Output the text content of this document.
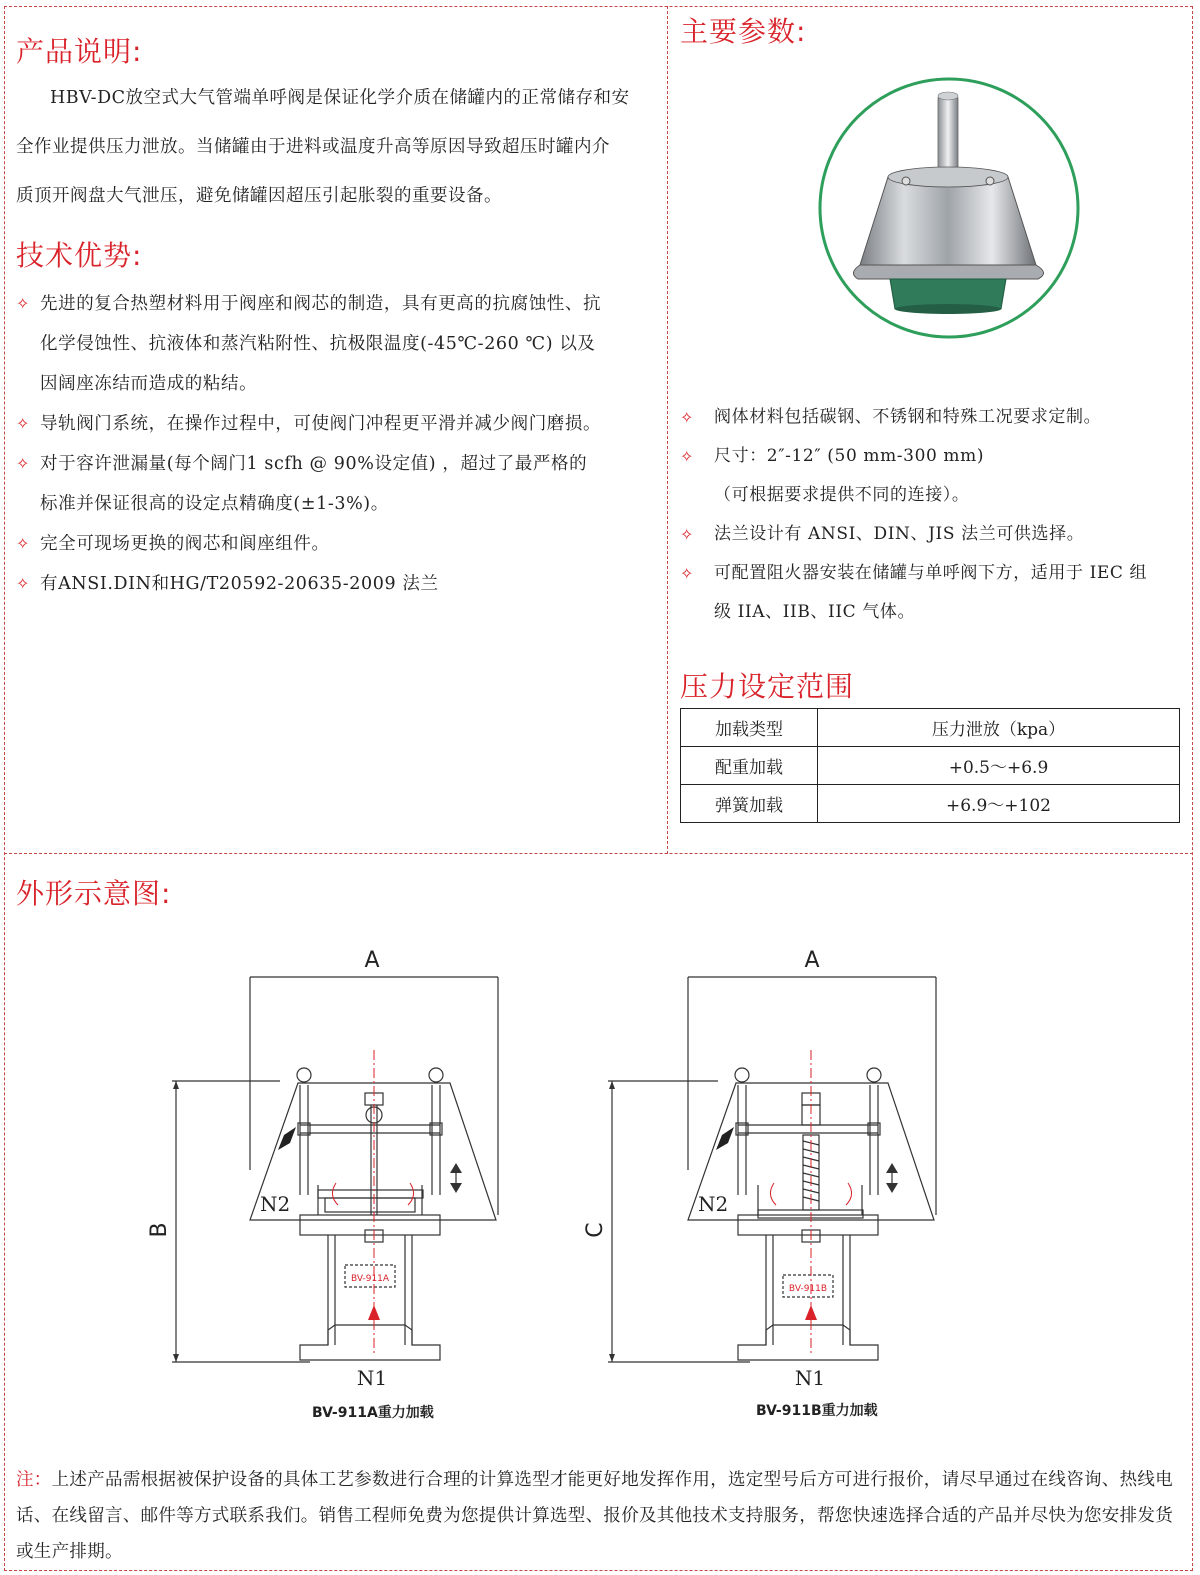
产品说明:
HBV-DC放空式大气管端单呼阀是保证化学介质在储罐内的正常储存和安
全作业提供压力泄放。当储罐由于进料或温度升高等原因导致超压时罐内介
质顶开阀盘大气泄压，避免储罐因超压引起胀裂的重要设备。
技术优势:
✧ 先进的复合热塑材料用于阀座和阀芯的制造，具有更高的抗腐蚀性、抗
化学侵蚀性、抗液体和蒸汽粘附性、抗极限温度(-45℃-260 ℃) 以及
因阔座冻结而造成的粘结。
✧ 导轨阀门系统，在操作过程中，可使阀门冲程更平滑并减少阀门磨损。
✧ 对于容许泄漏量(每个阔门1 scfh @ 90%设定值) ，超过了最严格的
标准并保证很高的设定点精确度(±1-3%)。
✧ 完全可现场更换的阀芯和阆座组件。
✧ 有ANSI.DIN和HG/T20592-20635-2009 法兰
主要参数:
✧ 阀体材料包括碳钢、不锈钢和特殊工况要求定制。
✧ 尺寸：2″-12″ (50 mm-300 mm)
（可根据要求提供不同的连接）。
✧ 法兰设计有 ANSI、DIN、JIS 法兰可供选择。
✧ 可配置阻火器安装在储罐与单呼阀下方，适用于 IEC 组
级 IIA、IIB、IIC 气体。
压力设定范围
加载类型	压力泄放（kpa）
配重加载	+0.5～+6.9
弹簧加载	+6.9～+102
外形示意图:
A
B
N2
N1
BV-911A
BV-911A重力加载
A
C
N2
N1
BV-911B
BV-911B重力加载
注：上述产品需根据被保护设备的具体工艺参数进行合理的计算选型才能更好地发挥作用，选定型号后方可进行报价，请尽早通过在线咨询、热线电话、在线留言、邮件等方式联系我们。销售工程师免费为您提供计算选型、报价及其他技术支持服务，帮您快速选择合适的产品并尽快为您安排发货或生产排期。
